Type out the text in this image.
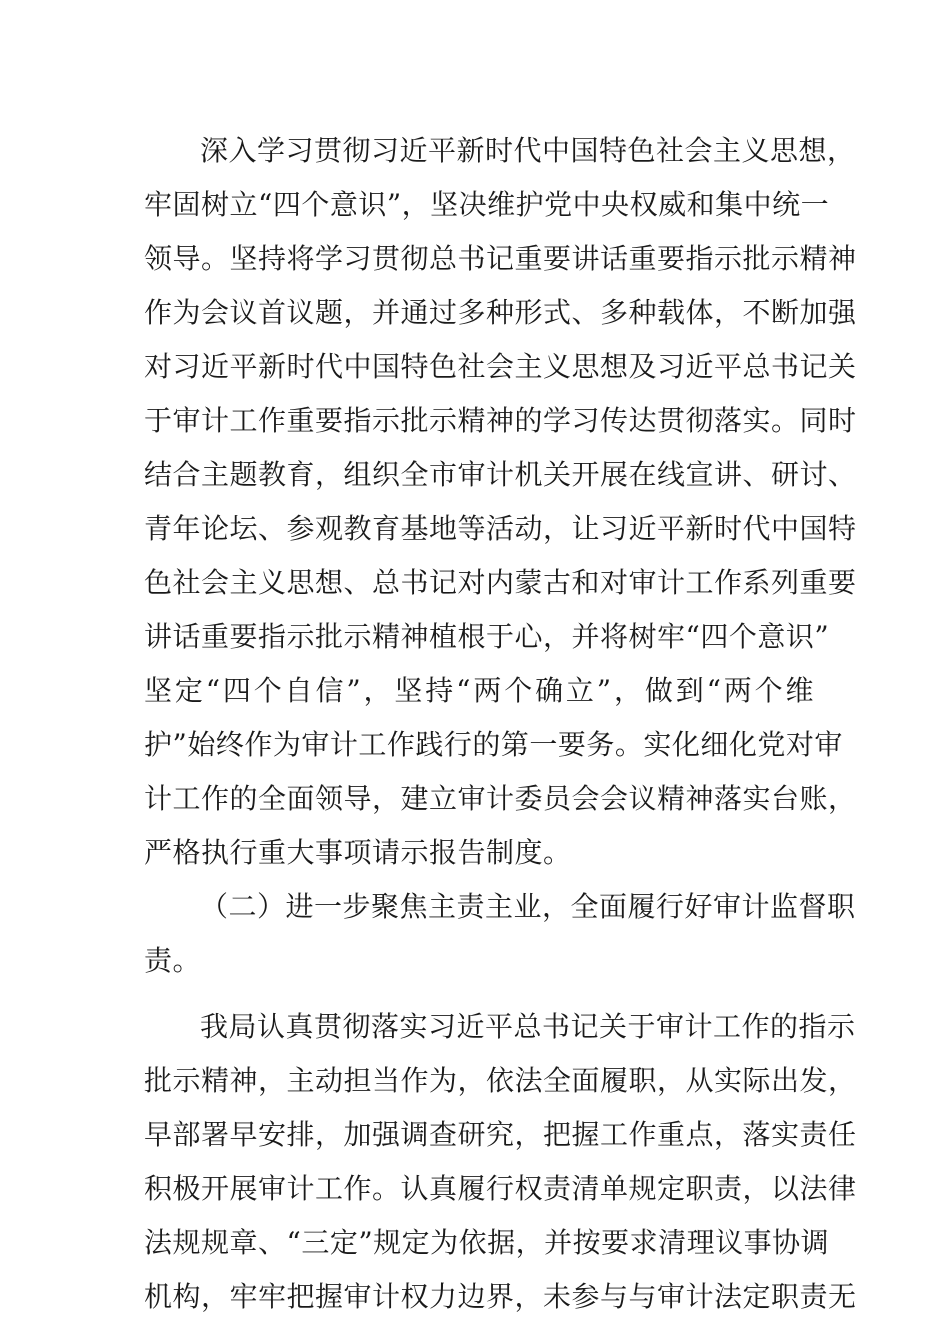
深入学习贯彻习近平新时代中国特色社会主义思想，
牢固树立“四个意识”，坚决维护党中央权威和集中统一
领导。坚持将学习贯彻总书记重要讲话重要指示批示精神
作为会议首议题，并通过多种形式、多种载体，不断加强
对习近平新时代中国特色社会主义思想及习近平总书记关
于审计工作重要指示批示精神的学习传达贯彻落实。同时
结合主题教育，组织全市审计机关开展在线宣讲、研讨、
青年论坛、参观教育基地等活动，让习近平新时代中国特
色社会主义思想、总书记对内蒙古和对审计工作系列重要
讲话重要指示批示精神植根于心，并将树牢“四个意识”
坚定“四个自信”，坚持“两个确立”，做到“两个维
护”始终作为审计工作践行的第一要务。实化细化党对审
计工作的全面领导，建立审计委员会会议精神落实台账，
严格执行重大事项请示报告制度。
（二）进一步聚焦主责主业，全面履行好审计监督职
责。
我局认真贯彻落实习近平总书记关于审计工作的指示
批示精神，主动担当作为，依法全面履职，从实际出发，
早部署早安排，加强调查研究，把握工作重点，落实责任
积极开展审计工作。认真履行权责清单规定职责，以法律
法规规章、“三定”规定为依据，并按要求清理议事协调
机构，牢牢把握审计权力边界，未参与与审计法定职责无
